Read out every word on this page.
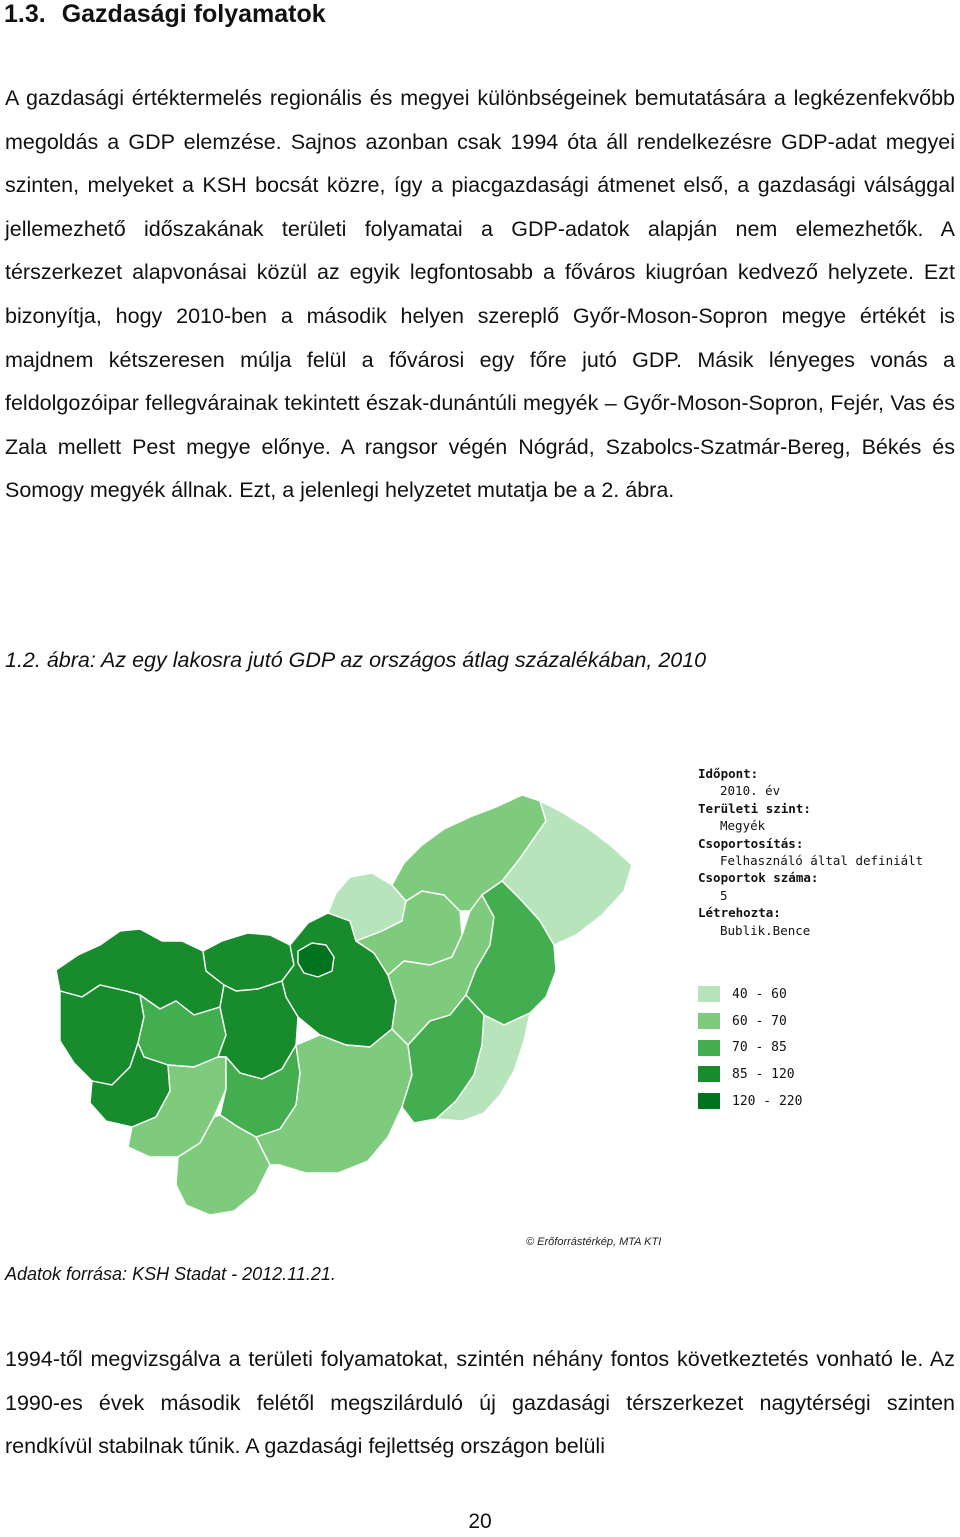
1.3. Gazdasági folyamatok

A gazdasági értéktermelés regionális és megyei különbségeinek bemutatására a legkézenfekvőbb megoldás a GDP elemzése. Sajnos azonban csak 1994 óta áll rendelkezésre GDP-adat megyei szinten, melyeket a KSH bocsát közre, így a piacgazdasági átmenet első, a gazdasági válsággal jellemezhető időszakának területi folyamatai a GDP-adatok alapján nem elemezhetők. A térszerkezet alapvonásai közül az egyik legfontosabb a főváros kiugróan kedvező helyzete. Ezt bizonyítja, hogy 2010-ben a második helyen szereplő Győr-Moson-Sopron megye értékét is majdnem kétszeresen múlja felül a fővárosi egy főre jutó GDP. Másik lényeges vonás a feldolgozóipar fellegvárainak tekintett észak-dunántúli megyék – Győr-Moson-Sopron, Fejér, Vas és Zala mellett Pest megye előnye. A rangsor végén Nógrád, Szabolcs-Szatmár-Bereg, Békés és Somogy megyék állnak. Ezt, a jelenlegi helyzetet mutatja be a 2. ábra.

1.2. ábra: Az egy lakosra jutó GDP az országos átlag százalékában, 2010

Időpont:
2010. év
Területi szint:
Megyék
Csoportosítás:
Felhasználó által definiált
Csoportok száma:
5
Létrehozta:
Bublik.Bence
40 - 60
60 - 70
70 - 85
85 - 120
120 - 220
© Erőforrástérkép, MTA KTI

Adatok forrása: KSH Stadat - 2012.11.21.

1994-től megvizsgálva a területi folyamatokat, szintén néhány fontos következtetés vonható le. Az 1990-es évek második felétől megszilárduló új gazdasági térszerkezet nagytérségi szinten rendkívül stabilnak tűnik. A gazdasági fejlettség országon belüli

20
